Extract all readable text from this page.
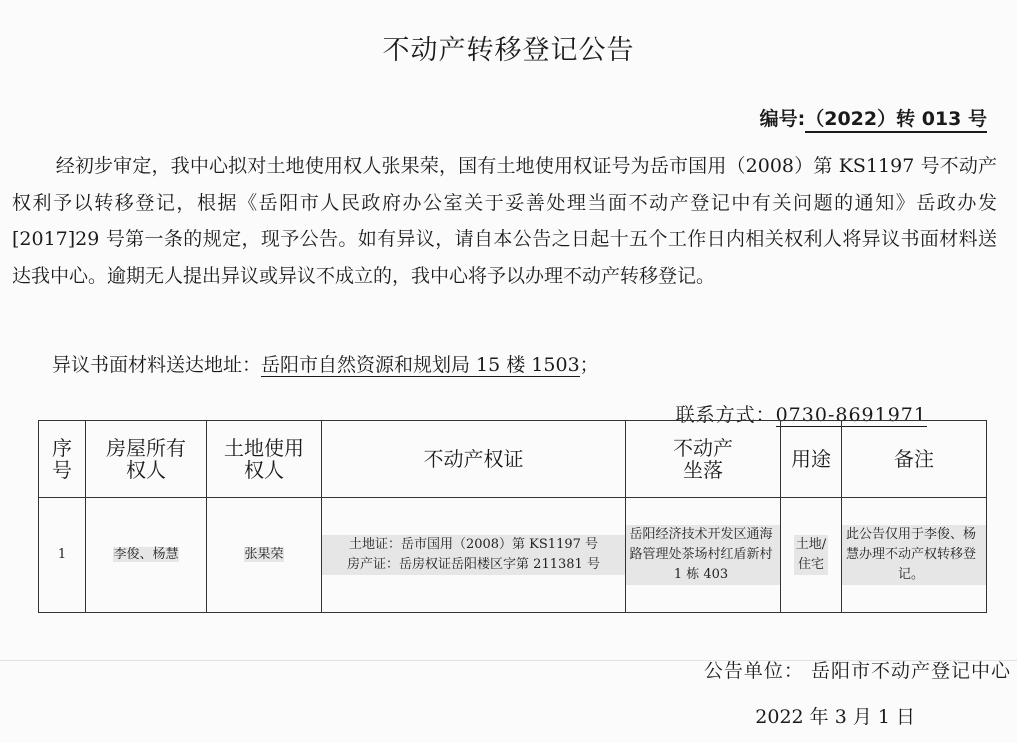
不动产转移登记公告
编号:（2022）转 013 号
经初步审定，我中心拟对土地使用权人张果荣，国有土地使用权证号为岳市国用（2008）第 KS1197 号不动产权利予以转移登记，根据《岳阳市人民政府办公室关于妥善处理当面不动产登记中有关问题的通知》岳政办发[2017]29 号第一条的规定，现予公告。如有异议，请自本公告之日起十五个工作日内相关权利人将异议书面材料送达我中心。逾期无人提出异议或异议不成立的，我中心将予以办理不动产转移登记。
异议书面材料送达地址：岳阳市自然资源和规划局 15 楼 1503；
联系方式：0730-8691971
序号	房屋所有权人	土地使用权人	不动产权证	不动产坐落	用途	备注
1	李俊、杨慧	张果荣	土地证：岳市国用（2008）第 KS1197 号
房产证：岳房权证岳阳楼区字第 211381 号	岳阳经济技术开发区通海路管理处茶场村红盾新村 1 栋 403	土地/住宅	此公告仅用于李俊、杨慧办理不动产权转移登记。
公告单位： 岳阳市不动产登记中心
2022 年 3 月 1 日
